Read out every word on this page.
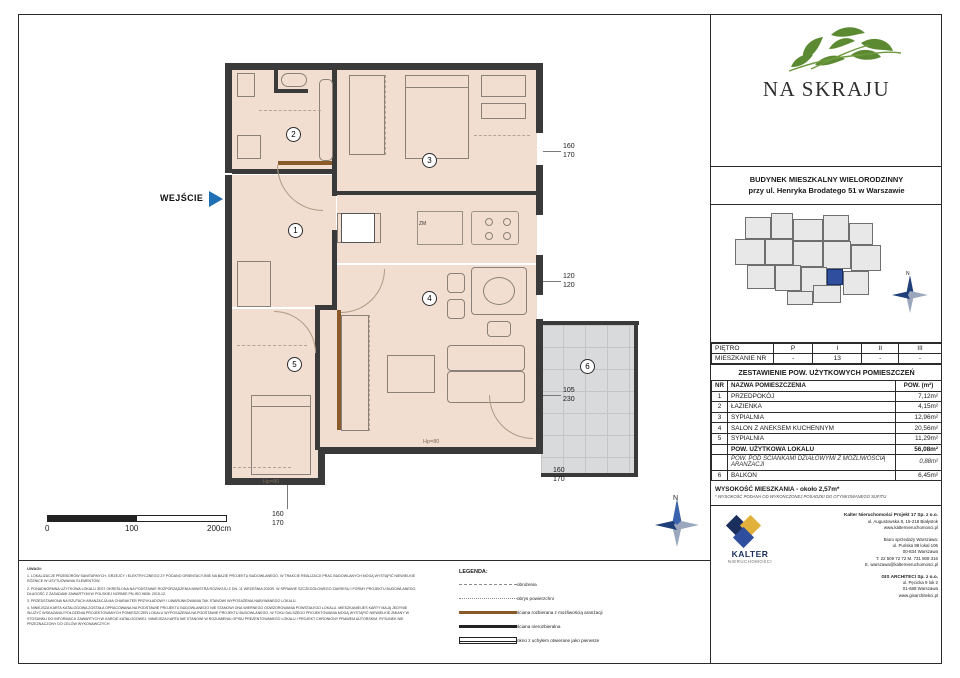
Hp=80
Hp=80
ZM
1
2
3
4
5	6
160
170
120
120
105
230
160
170
160
170
WEJŚCIE
0	100	200cm
N
UWAGI:
1. LOKALIZACJE PRZEBORÓW SANITARNYCH, GRZEJCY I ELEKTRYCZNEGO ZY PODANO ORIENTACYJNIE NA BAZIE PROJEKTU BUDOWLANEGO. W TRAKCIE REALIZACJI PRAC BUDOWLANYCH MOGĄ WYSTĄPIĆ NIEWIELKIE RÓŻNICE W USYTUOWANIU ELEMENTÓW.
2. PONADNORMNA UŻYTKOWA LOKALU JEST OKREŚLONA NA PODSTAWIE ROZPORZĄDZENIA MINISTRA ROZWOJU Z DN. 11 WRZEŚNIA 2020R. W SPRAWIE SZCZEGÓŁOWEGO ZAKRESU I FORMY PROJEKTU BUDOWLANEGO, DŁUGOŚĆ Z ZASADAMI ZAWARTYMI W POLSKIEJ NORMIE PN-ISO 9836: 2015-12.
3. PRZEDSTAWIONA NA RZUTACH ARANŻACJA MA CHARAKTER PRZYKŁADOWY I UWARUNKOWANIA TAK STANOWI WYPOSAŻENIA NABYWANEGO LOKALU.
4. NINIEJSZA KARTA KATALOGOWA ZOSTAŁA OPRACOWANA NA PODSTAWIE PROJEKTU BUDOWLANEGO NIE STANOWI ONA WIERNEGO ODWZOROWANIA POWSTAŁEGO LOKALU. MIESZKANIE/JEŚ KARTY MAJĄ JEDYNIE SŁUŻYĆ WSKAZANIU POŁOŻENIA PROJEKTOWANYCH POMIESZCZEŃ LOKALU WYPOSAŻENIA NA PODSTAWIE PROJEKTU BUDOWLANEGO. W TOKU DALSZEGO PROJEKTOWANIA MOGĄ WYSTĄPIĆ NIEWIELKIE ZMIANY W STOSUNKU DO INFORMACJI ZAWARTYCH W KARCIE KATALOGOWEJ. NINIEJSZA KARTA NIE STANOWI W ROZUMIENIU OPISU PREZENTOWANEGO LOKALU I PROJEKT CHRONIONY PRAWEM AUTORSKIM. RYSUNEK NIE PRZEZNACZONY DO CELÓW WYKONAWCZYCH
LEGENDA:
obniżenia
obrys powierzchni
ściana rozbierana z możliwością aranżacji
ściana nierozbieralna
okno z uchyłem otwierane jako pierwsze
NA SKRAJU
BUDYNEK MIESZKALNY WIELORODZINNY
przy ul. Henryka Brodatego 51 w Warszawie
N
PIĘTRO	P	I	II	III
MIESZKANIE NR	-	13	-	-
ZESTAWIENIE POW. UŻYTKOWYCH POMIESZCZEŃ
NR	NAZWA POMIESZCZENIA	POW. (m²)
1	PRZEDPOKÓJ	7,12m²
2	ŁAZIENKA	4,15m²
3	SYPIALNIA	12,96m²
4	SALON Z ANEKSEM KUCHENNYM	20,56m²
5	SYPIALNIA	11,29m²
	POW. UŻYTKOWA LOKALU	56,08m²
	POW. POD ŚCIANKAMI DZIAŁOWYMI Z MOŻLIWOŚCIĄ ARANŻACJI	0,88m²
6	BALKON	6,45m²
WYSOKOŚĆ MIESZKANIA - około 2,57m*
* WYSOKOŚĆ PODANA OD WYKOŃCZONEJ POSADZKI DO OTYNKOWANEGO SUFITU
KALTER
NIERUCHOMOŚCI
Kalter Nieruchomości Projekt 17 Sp. z o.o.
ul. Augustowska 8, 15-218 Białystok
www.kalternieruchomosci.pl
Biuro sprzedaży Warszawa:
ul. Puńska 98 lokal 106
00-834 Warszawa
T. 22 509 72 72 M. 731 808 316
E. warszawa@kalternieruchomosci.pl
GIS ARCHITECI Sp. z o.o.
ul. Pęcicka 9 lok 2
01-688 Warszawa
www.gisarchitekci.pl
